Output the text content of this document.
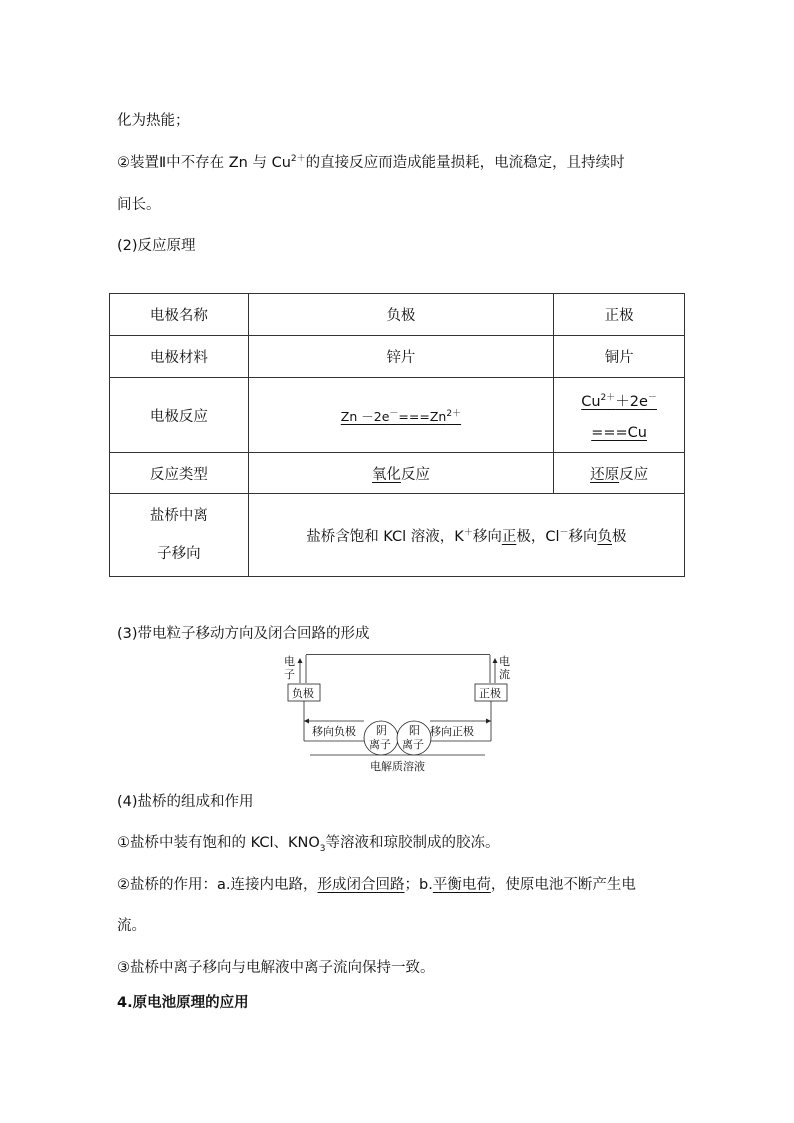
化为热能；
②装置Ⅱ中不存在 Zn 与 $Cu^{2+}$的直接反应而造成能量损耗，电流稳定，且持续时
间长。
(2)反应原理
电极名称	负极	正极
电极材料	锌片	铜片
电极反应	$Zn -2e^-===Zn^{2+}$	$Cu^{2+}+2e^-$
===Cu

反应类型	氧化反应	还原反应

盐桥中离
子移向	盐桥含饱和 KCl 溶液，K＋移向正极，Cl－移向负极	
(3)带电粒子移动方向及闭合回路的形成
电
子
电
流
负极	正极
移向负极	移向正极
阴
离子
阳
离子
电解质溶液
(4)盐桥的组成和作用
①盐桥中装有饱和的 KCl、$KNO_3$等溶液和琼胶制成的胶冻。
②盐桥的作用：a.连接内电路，形成闭合回路；b.平衡电荷，使原电池不断产生电
流。
③盐桥中离子移向与电解液中离子流向保持一致。
4.原电池原理的应用
